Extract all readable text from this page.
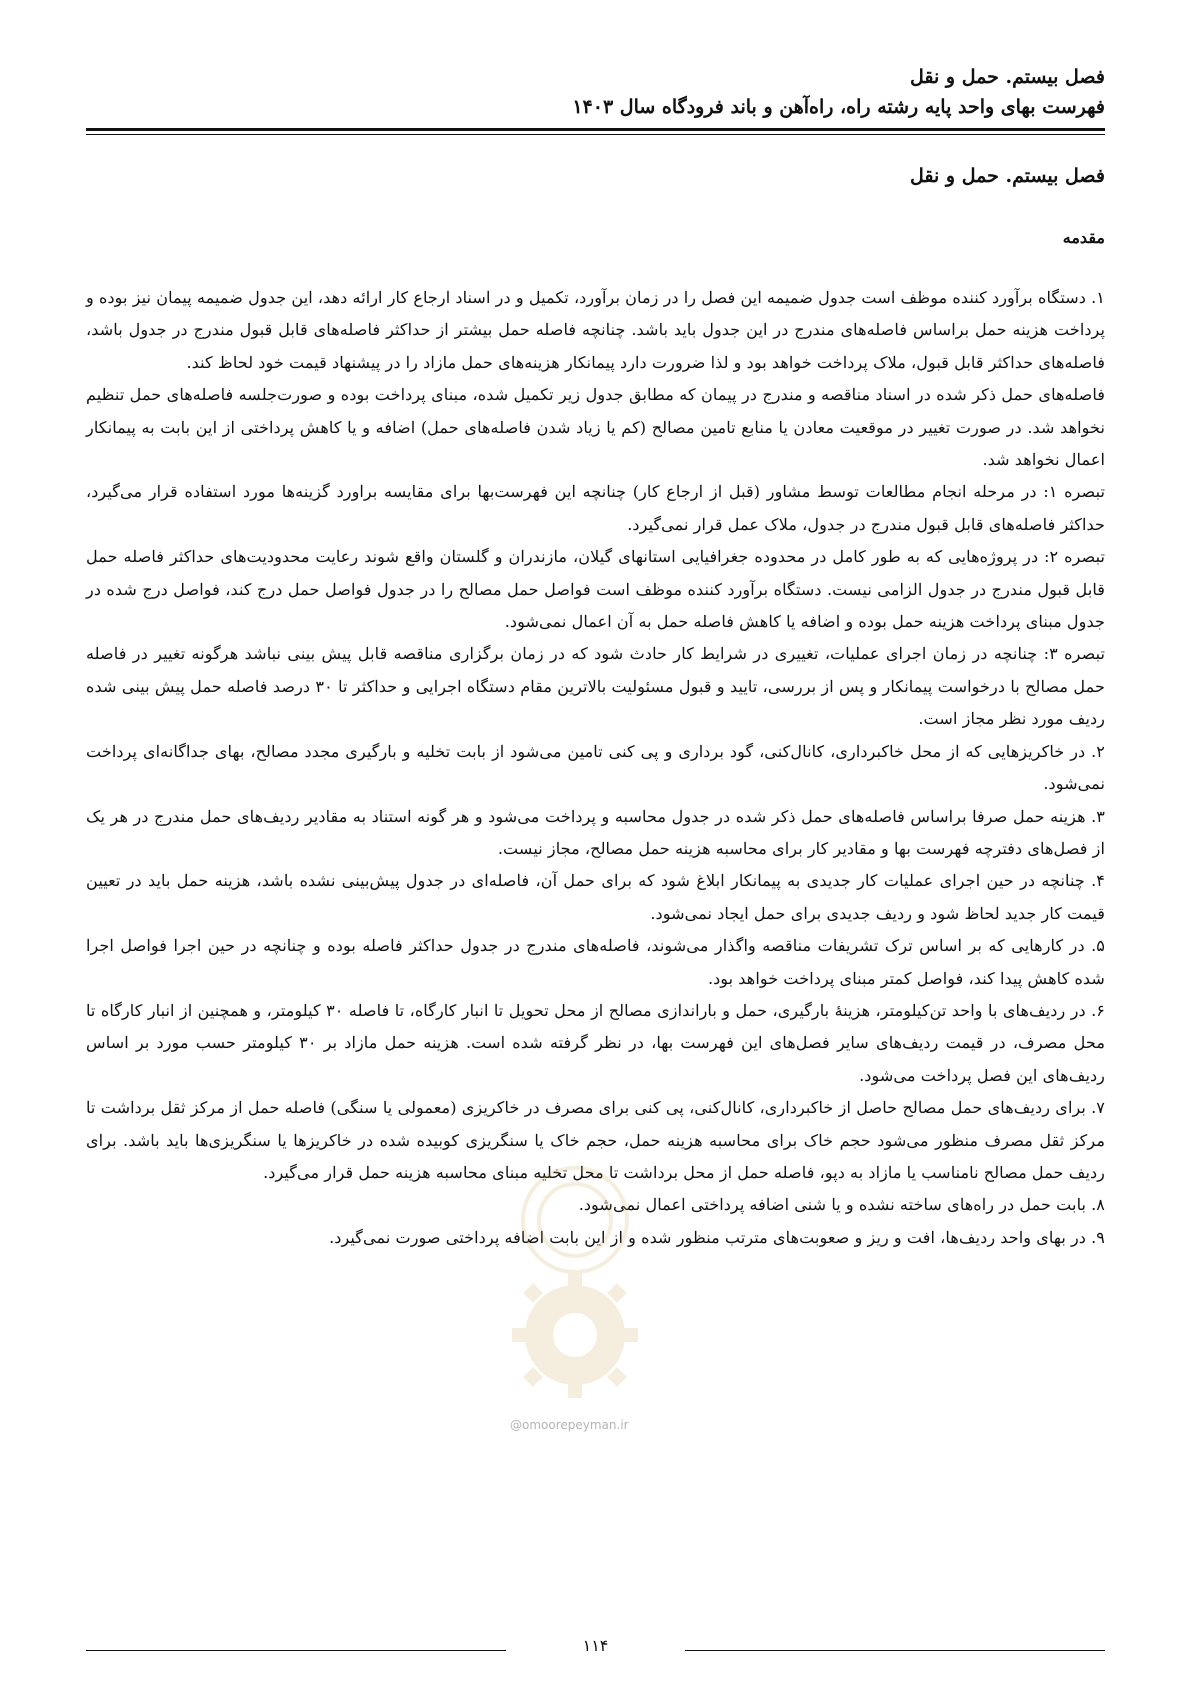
فصل بیستم. حمل و نقل

فهرست بهای واحد پایه رشته راه، راه‌آهن و باند فرودگاه سال ۱۴۰۳

فصل بیستم. حمل و نقل
مقدمه

۱. دستگاه برآورد کننده موظف است جدول ضمیمه این فصل را در زمان برآورد، تکمیل و در اسناد ارجاع کار ارائه دهد، این جدول ضمیمه پیمان نیز بوده و پرداخت هزینه حمل براساس فاصله‌های مندرج در این جدول باید باشد. چنانچه فاصله حمل بیشتر از حداکثر فاصله‌های قابل قبول مندرج در جدول باشد، فاصله‌های حداکثر قابل قبول، ملاک پرداخت خواهد بود و لذا ضرورت دارد پیمانکار هزینه‌های حمل مازاد را در پیشنهاد قیمت خود لحاظ کند.

فاصله‌های حمل ذکر شده در اسناد مناقصه و مندرج در پیمان که مطابق جدول زیر تکمیل شده، مبنای پرداخت بوده و صورت‌جلسه فاصله‌های حمل تنظیم نخواهد شد. در صورت تغییر در موقعیت معادن یا منابع تامین مصالح (کم یا زیاد شدن فاصله‌های حمل) اضافه و یا کاهش پرداختی از این بابت به پیمانکار اعمال نخواهد شد.

تبصره ۱: در مرحله انجام مطالعات توسط مشاور (قبل از ارجاع کار) چنانچه این فهرست‌بها برای مقایسه براورد گزینه‌ها مورد استفاده قرار می‌گیرد، حداکثر فاصله‌های قابل قبول مندرج در جدول، ملاک عمل قرار نمی‌گیرد.

تبصره ۲: در پروژه‌هایی که به طور کامل در محدوده جغرافیایی استانهای گیلان، مازندران و گلستان واقع شوند رعایت محدودیت‌های حداکثر فاصله حمل قابل قبول مندرج در جدول الزامی نیست. دستگاه برآورد کننده موظف است فواصل حمل مصالح را در جدول فواصل حمل درج کند، فواصل درج شده در جدول مبنای پرداخت هزینه حمل بوده و اضافه یا کاهش فاصله حمل به آن اعمال نمی‌شود.

تبصره ۳: چنانچه در زمان اجرای عملیات، تغییری در شرایط کار حادث شود که در زمان برگزاری مناقصه قابل پیش بینی نباشد هرگونه تغییر در فاصله حمل مصالح با درخواست پیمانکار و پس از بررسی، تایید و قبول مسئولیت بالاترین مقام دستگاه اجرایی و حداکثر تا ۳۰ درصد فاصله حمل پیش بینی شده ردیف مورد نظر مجاز است.

۲. در خاکریزهایی که از محل خاکبرداری، کانال‌کنی، گود برداری و پی کنی تامین می‌شود از بابت تخلیه و بارگیری مجدد مصالح، بهای جداگانه‌ای پرداخت نمی‌شود.

۳. هزینه حمل صرفا براساس فاصله‌های حمل ذکر شده در جدول محاسبه و پرداخت می‌شود و هر گونه استناد به مقادیر ردیف‌های حمل مندرج در هر یک از فصل‌های دفترچه فهرست بها و مقادیر کار برای محاسبه هزینه حمل مصالح، مجاز نیست.

۴. چنانچه در حین اجرای عملیات کار جدیدی به پیمانکار ابلاغ شود که برای حمل آن، فاصله‌ای در جدول پیش‌بینی نشده باشد، هزینه حمل باید در تعیین قیمت کار جدید لحاظ شود و ردیف جدیدی برای حمل ایجاد نمی‌شود.

۵. در کارهایی که بر اساس ترک تشریفات مناقصه واگذار می‌شوند، فاصله‌های مندرج در جدول حداکثر فاصله بوده و چنانچه در حین اجرا فواصل اجرا شده کاهش پیدا کند، فواصل کمتر مبنای پرداخت خواهد بود.

۶. در ردیف‌های با واحد تن‌کیلومتر، هزینهٔ بارگیری، حمل و باراندازی مصالح از محل تحویل تا انبار کارگاه، تا فاصله ۳۰ کیلومتر، و همچنین از انبار کارگاه تا محل مصرف، در قیمت ردیف‌های سایر فصل‌های این فهرست بها، در نظر گرفته شده است. هزینه حمل مازاد بر ۳۰ کیلومتر حسب مورد بر اساس ردیف‌های این فصل پرداخت می‌شود.

۷. برای ردیف‌های حمل مصالح حاصل از خاکبرداری، کانال‌کنی، پی کنی برای مصرف در خاکریزی (معمولی یا سنگی) فاصله حمل از مرکز ثقل برداشت تا مرکز ثقل مصرف منظور می‌شود حجم خاک برای محاسبه هزینه حمل، حجم خاک یا سنگریزی کوبیده شده در خاکریزها یا سنگریزی‌ها باید باشد. برای ردیف حمل مصالح نامناسب یا مازاد به دپو، فاصله حمل از محل برداشت تا محل تخلیه مبنای محاسبه هزینه حمل قرار می‌گیرد.

۸. بابت حمل در راه‌های ساخته نشده و یا شنی اضافه پرداختی اعمال نمی‌شود.

۹. در بهای واحد ردیف‌ها، افت و ریز و صعوبت‌های مترتب منظور شده و از این بابت اضافه پرداختی صورت نمی‌گیرد.

@omoorepeyman.ir
۱۱۴
